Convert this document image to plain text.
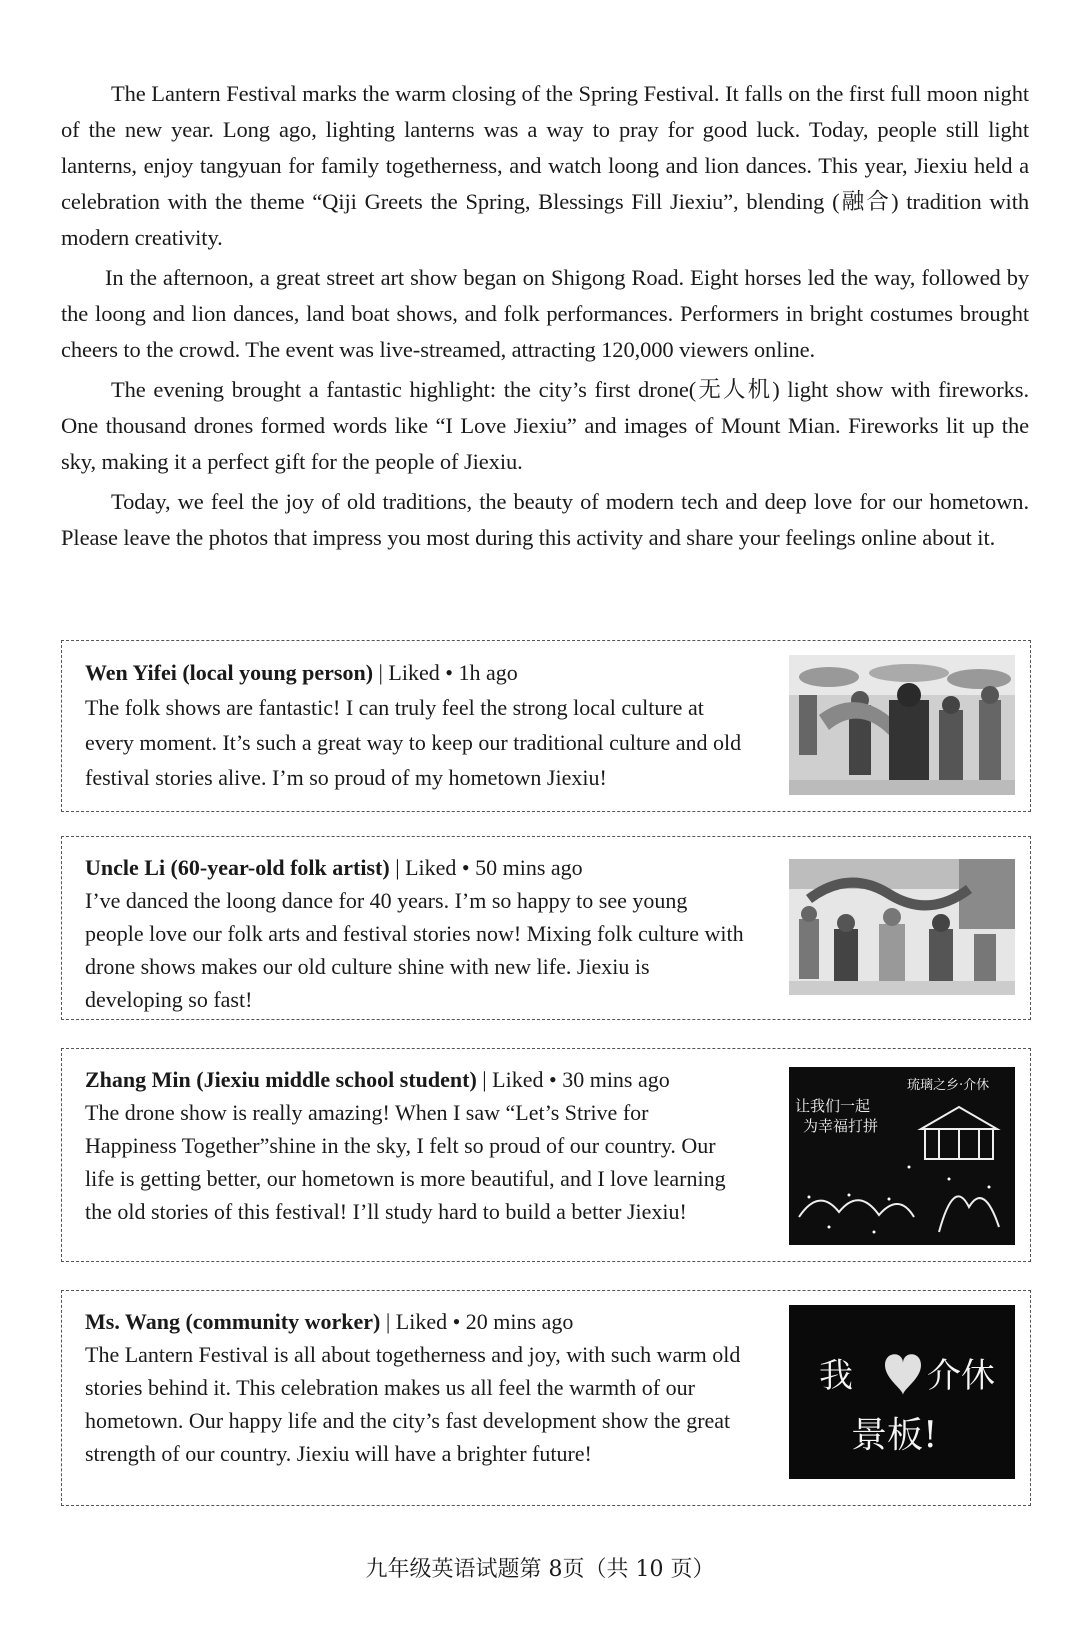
The Lantern Festival marks the warm closing of the Spring Festival. It falls on the first full moon night of the new year. Long ago, lighting lanterns was a way to pray for good luck. Today, people still light lanterns, enjoy tangyuan for family togetherness, and watch loong and lion dances. This year, Jiexiu held a celebration with the theme “Qiji Greets the Spring, Blessings Fill Jiexiu”, blending (融合) tradition with modern creativity.

In the afternoon, a great street art show began on Shigong Road. Eight horses led the way, followed by the loong and lion dances, land boat shows, and folk performances. Performers in bright costumes brought cheers to the crowd. The event was live-streamed, attracting 120,000 viewers online.

The evening brought a fantastic highlight: the city’s first drone(无人机) light show with fireworks. One thousand drones formed words like “I Love Jiexiu” and images of Mount Mian. Fireworks lit up the sky, making it a perfect gift for the people of Jiexiu.

Today, we feel the joy of old traditions, the beauty of modern tech and deep love for our hometown. Please leave the photos that impress you most during this activity and share your feelings online about it.

Wen Yifei (local young person) | Liked • 1h ago
The folk shows are fantastic! I can truly feel the strong local culture at every moment. It’s such a great way to keep our traditional culture and old festival stories alive. I’m so proud of my hometown Jiexiu!
Uncle Li (60-year-old folk artist) | Liked • 50 mins ago
I’ve danced the loong dance for 40 years. I’m so happy to see young people love our folk arts and festival stories now! Mixing folk culture with drone shows makes our old culture shine with new life. Jiexiu is developing so fast!
Zhang Min (Jiexiu middle school student) | Liked • 30 mins ago
The drone show is really amazing! When I saw “Let’s Strive for Happiness Together”shine in the sky, I felt so proud of our country. Our life is getting better, our hometown is more beautiful, and I love learning the old stories of this festival! I’ll study hard to build a better Jiexiu!
让我们一起
为幸福打拼
琉璃之乡·介休
Ms. Wang (community worker) | Liked • 20 mins ago
The Lantern Festival is all about togetherness and joy, with such warm old stories behind it. This celebration makes us all feel the warmth of our hometown. Our happy life and the city’s fast development show the great strength of our country. Jiexiu will have a brighter future!
我 介休
景板!
九年级英语试题第 8页（共 10 页）
